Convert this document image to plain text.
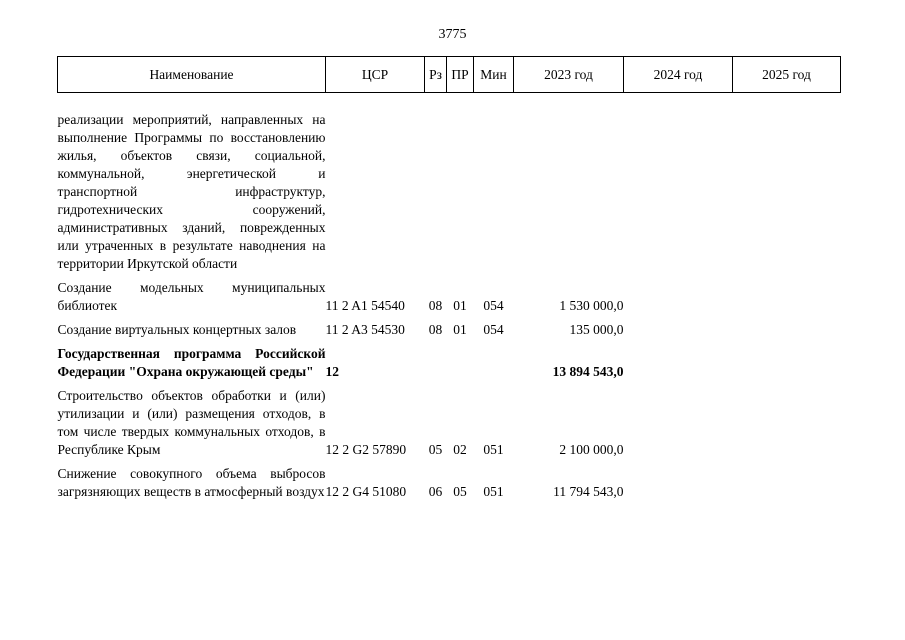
3775
Наименование	ЦСР	Рз	ПР	Мин	2023 год	2024 год	2025 год
реализации мероприятий, направленных на выполнение Программы по восстановлению жилья, объектов связи, социальной, коммунальной, энергетической и транспортной инфраструктур, гидротехнических сооружений, административных зданий, поврежденных или утраченных в результате наводнения на территории Иркутской области							

Создание модельных муниципальных библиотек	11 2 A1 54540	08	01	054	1 530 000,0		

Создание виртуальных концертных залов	11 2 A3 54530	08	01	054	135 000,0		

Государственная программа Российской Федерации "Охрана окружающей среды"	12				13 894 543,0		

Строительство объектов обработки и (или) утилизации и (или) размещения отходов, в том числе твердых коммунальных отходов, в Республике Крым	12 2 G2 57890	05	02	051	2 100 000,0		

Снижение совокупного объема выбросов загрязняющих веществ в атмосферный воздух	12 2 G4 51080	06	05	051	11 794 543,0		
